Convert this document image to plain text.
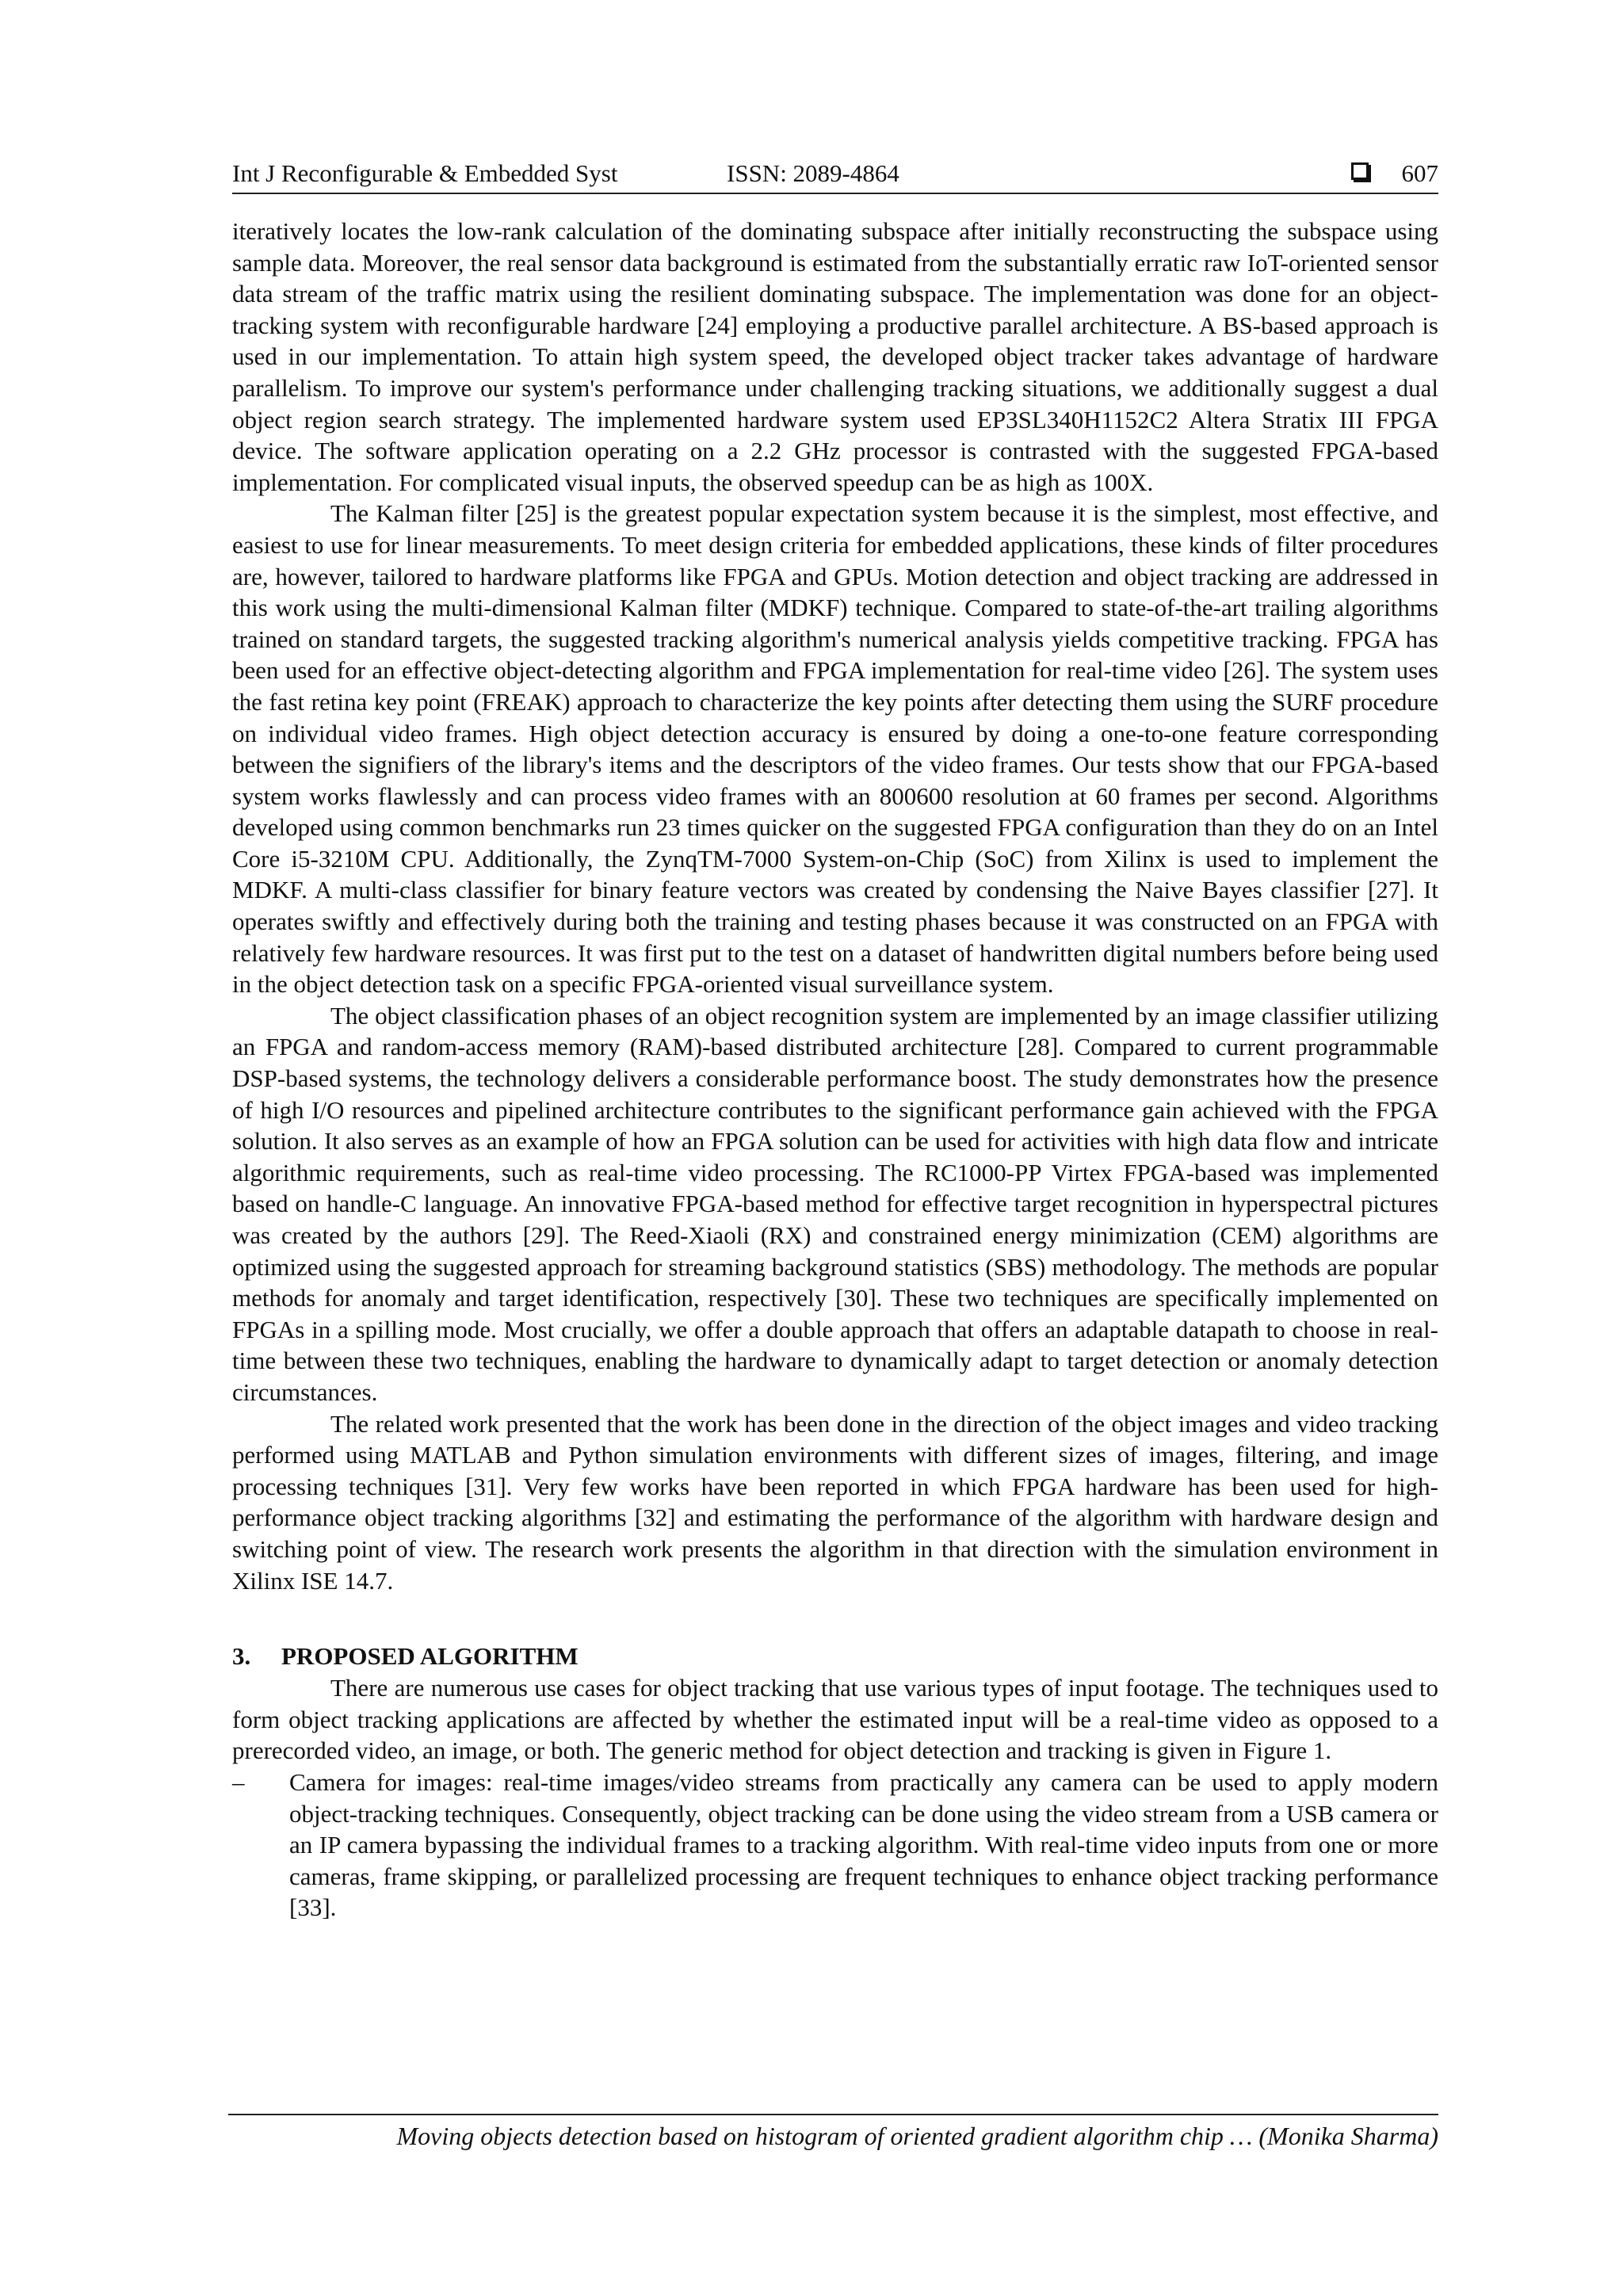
Int J Reconfigurable & Embedded Syst	ISSN: 2089-4864	607

iteratively locates the low-rank calculation of the dominating subspace after initially reconstructing the subspace using sample data. Moreover, the real sensor data background is estimated from the substantially erratic raw IoT-oriented sensor data stream of the traffic matrix using the resilient dominating subspace. The implementation was done for an object-tracking system with reconfigurable hardware [24] employing a productive parallel architecture. A BS-based approach is used in our implementation. To attain high system speed, the developed object tracker takes advantage of hardware parallelism. To improve our system's performance under challenging tracking situations, we additionally suggest a dual object region search strategy. The implemented hardware system used EP3SL340H1152C2 Altera Stratix III FPGA device. The software application operating on a 2.2 GHz processor is contrasted with the suggested FPGA-based implementation. For complicated visual inputs, the observed speedup can be as high as 100X.

The Kalman filter [25] is the greatest popular expectation system because it is the simplest, most effective, and easiest to use for linear measurements. To meet design criteria for embedded applications, these kinds of filter procedures are, however, tailored to hardware platforms like FPGA and GPUs. Motion detection and object tracking are addressed in this work using the multi-dimensional Kalman filter (MDKF) technique. Compared to state-of-the-art trailing algorithms trained on standard targets, the suggested tracking algorithm's numerical analysis yields competitive tracking. FPGA has been used for an effective object-detecting algorithm and FPGA implementation for real-time video [26]. The system uses the fast retina key point (FREAK) approach to characterize the key points after detecting them using the SURF procedure on individual video frames. High object detection accuracy is ensured by doing a one-to-one feature corresponding between the signifiers of the library's items and the descriptors of the video frames. Our tests show that our FPGA-based system works flawlessly and can process video frames with an 800600 resolution at 60 frames per second. Algorithms developed using common benchmarks run 23 times quicker on the suggested FPGA configuration than they do on an Intel Core i5-3210M CPU. Additionally, the ZynqTM-7000 System-on-Chip (SoC) from Xilinx is used to implement the MDKF. A multi-class classifier for binary feature vectors was created by condensing the Naive Bayes classifier [27]. It operates swiftly and effectively during both the training and testing phases because it was constructed on an FPGA with relatively few hardware resources. It was first put to the test on a dataset of handwritten digital numbers before being used in the object detection task on a specific FPGA-oriented visual surveillance system.

The object classification phases of an object recognition system are implemented by an image classifier utilizing an FPGA and random-access memory (RAM)-based distributed architecture [28]. Compared to current programmable DSP-based systems, the technology delivers a considerable performance boost. The study demonstrates how the presence of high I/O resources and pipelined architecture contributes to the significant performance gain achieved with the FPGA solution. It also serves as an example of how an FPGA solution can be used for activities with high data flow and intricate algorithmic requirements, such as real-time video processing. The RC1000-PP Virtex FPGA-based was implemented based on handle-C language. An innovative FPGA-based method for effective target recognition in hyperspectral pictures was created by the authors [29]. The Reed-Xiaoli (RX) and constrained energy minimization (CEM) algorithms are optimized using the suggested approach for streaming background statistics (SBS) methodology. The methods are popular methods for anomaly and target identification, respectively [30]. These two techniques are specifically implemented on FPGAs in a spilling mode. Most crucially, we offer a double approach that offers an adaptable datapath to choose in real-time between these two techniques, enabling the hardware to dynamically adapt to target detection or anomaly detection circumstances.

The related work presented that the work has been done in the direction of the object images and video tracking performed using MATLAB and Python simulation environments with different sizes of images, filtering, and image processing techniques [31]. Very few works have been reported in which FPGA hardware has been used for high-performance object tracking algorithms [32] and estimating the performance of the algorithm with hardware design and switching point of view. The research work presents the algorithm in that direction with the simulation environment in Xilinx ISE 14.7.

3. PROPOSED ALGORITHM

There are numerous use cases for object tracking that use various types of input footage. The techniques used to form object tracking applications are affected by whether the estimated input will be a real-time video as opposed to a prerecorded video, an image, or both. The generic method for object detection and tracking is given in Figure 1.

– Camera for images: real-time images/video streams from practically any camera can be used to apply modern object-tracking techniques. Consequently, object tracking can be done using the video stream from a USB camera or an IP camera bypassing the individual frames to a tracking algorithm. With real-time video inputs from one or more cameras, frame skipping, or parallelized processing are frequent techniques to enhance object tracking performance [33].
Moving objects detection based on histogram of oriented gradient algorithm chip … (Monika Sharma)
